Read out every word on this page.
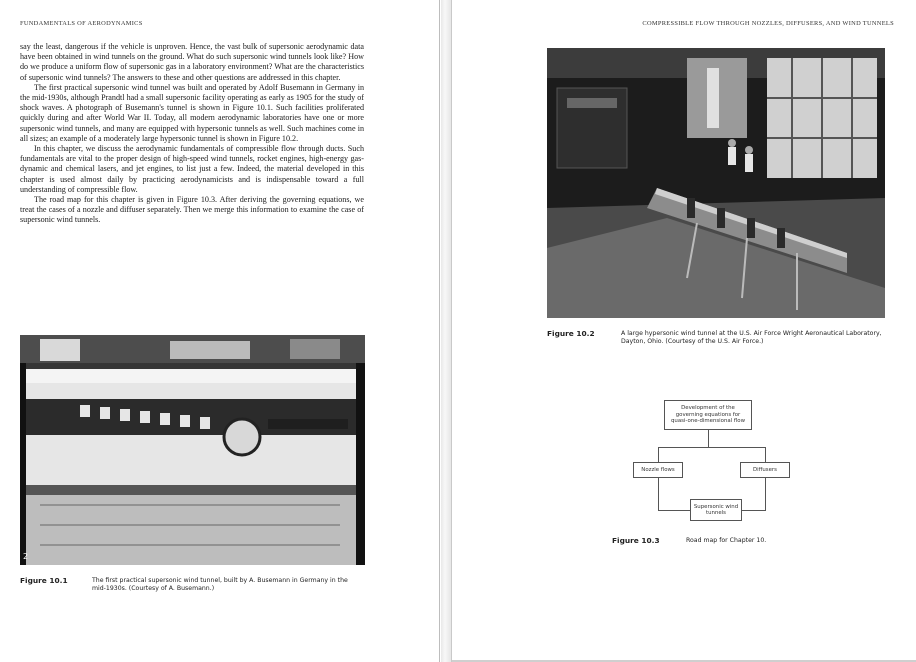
FUNDAMENTALS OF AERODYNAMICS

say the least, dangerous if the vehicle is unproven. Hence, the vast bulk of supersonic aerodynamic data have been obtained in wind tunnels on the ground. What do such supersonic wind tunnels look like? How do we produce a uniform flow of supersonic gas in a laboratory environment? What are the characteristics of supersonic wind tunnels? The answers to these and other questions are addressed in this chapter.

The first practical supersonic wind tunnel was built and operated by Adolf Busemann in Germany in the mid-1930s, although Prandtl had a small supersonic facility operating as early as 1905 for the study of shock waves. A photograph of Busemann's tunnel is shown in Figure 10.1. Such facilities proliferated quickly during and after World War II. Today, all modern aerodynamic laboratories have one or more supersonic wind tunnels, and many are equipped with hypersonic tunnels as well. Such machines come in all sizes; an example of a moderately large hypersonic tunnel is shown in Figure 10.2.

In this chapter, we discuss the aerodynamic fundamentals of compressible flow through ducts. Such fundamentals are vital to the proper design of high-speed wind tunnels, rocket engines, high-energy gas-dynamic and chemical lasers, and jet engines, to list just a few. Indeed, the material developed in this chapter is used almost daily by practicing aerodynamicists and is indispensable toward a full understanding of compressible flow.

The road map for this chapter is given in Figure 10.3. After deriving the governing equations, we treat the cases of a nozzle and diffuser separately. Then we merge this information to examine the case of supersonic wind tunnels.

2
Figure 10.1	The first practical supersonic wind tunnel, built by A. Busemann in Germany in the mid-1930s. (Courtesy of A. Busemann.)
COMPRESSIBLE FLOW THROUGH NOZZLES, DIFFUSERS, AND WIND TUNNELS
Figure 10.2	A large hypersonic wind tunnel at the U.S. Air Force Wright Aeronautical Laboratory, Dayton, Ohio. (Courtesy of the U.S. Air Force.)
Development of the governing equations for quasi-one-dimensional flow
Nozzle flows	Diffusers
Supersonic wind tunnels
Figure 10.3	Road map for Chapter 10.
